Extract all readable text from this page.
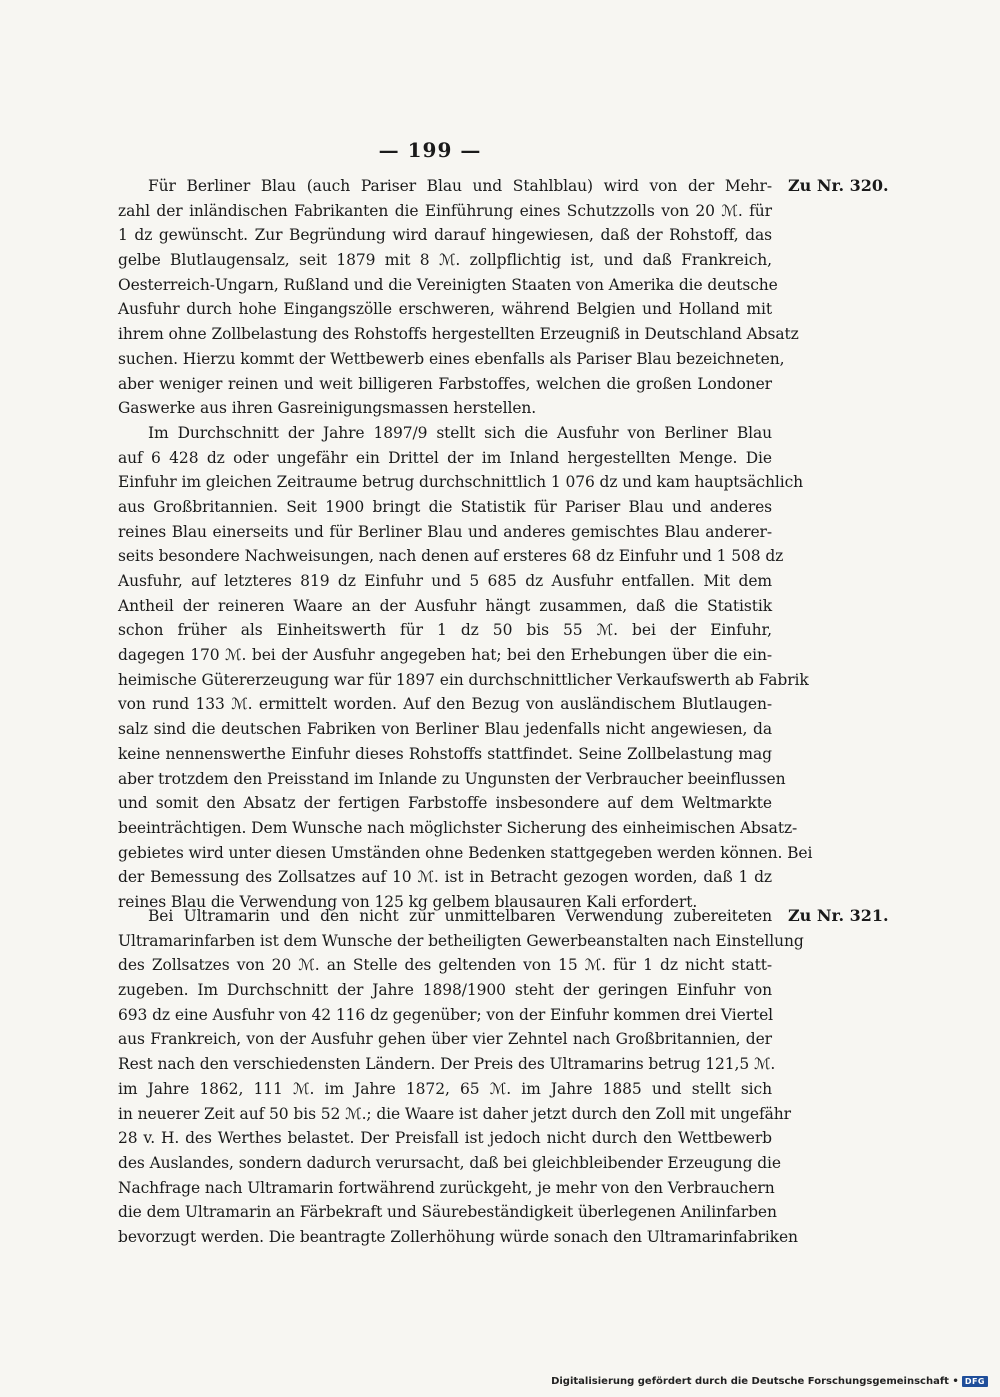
— 199 —
Zu Nr. 320.
Zu Nr. 321.
Für Berliner Blau (auch Pariser Blau und Stahlblau) wird von der Mehr-
zahl der inländischen Fabrikanten die Einführung eines Schutzzolls von 20 ℳ. für
1 dz gewünscht. Zur Begründung wird darauf hingewiesen, daß der Rohstoff, das
gelbe Blutlaugensalz, seit 1879 mit 8 ℳ. zollpflichtig ist, und daß Frankreich,
Oesterreich-Ungarn, Rußland und die Vereinigten Staaten von Amerika die deutsche
Ausfuhr durch hohe Eingangszölle erschweren, während Belgien und Holland mit
ihrem ohne Zollbelastung des Rohstoffs hergestellten Erzeugniß in Deutschland Absatz
suchen. Hierzu kommt der Wettbewerb eines ebenfalls als Pariser Blau bezeichneten,
aber weniger reinen und weit billigeren Farbstoffes, welchen die großen Londoner
Gaswerke aus ihren Gasreinigungsmassen herstellen.
Im Durchschnitt der Jahre 1897/9 stellt sich die Ausfuhr von Berliner Blau
auf 6 428 dz oder ungefähr ein Drittel der im Inland hergestellten Menge. Die
Einfuhr im gleichen Zeitraume betrug durchschnittlich 1 076 dz und kam hauptsächlich
aus Großbritannien. Seit 1900 bringt die Statistik für Pariser Blau und anderes
reines Blau einerseits und für Berliner Blau und anderes gemischtes Blau anderer-
seits besondere Nachweisungen, nach denen auf ersteres 68 dz Einfuhr und 1 508 dz
Ausfuhr, auf letzteres 819 dz Einfuhr und 5 685 dz Ausfuhr entfallen. Mit dem
Antheil der reineren Waare an der Ausfuhr hängt zusammen, daß die Statistik
schon früher als Einheitswerth für 1 dz 50 bis 55 ℳ. bei der Einfuhr,
dagegen 170 ℳ. bei der Ausfuhr angegeben hat; bei den Erhebungen über die ein-
heimische Gütererzeugung war für 1897 ein durchschnittlicher Verkaufswerth ab Fabrik
von rund 133 ℳ. ermittelt worden. Auf den Bezug von ausländischem Blutlaugen-
salz sind die deutschen Fabriken von Berliner Blau jedenfalls nicht angewiesen, da
keine nennenswerthe Einfuhr dieses Rohstoffs stattfindet. Seine Zollbelastung mag
aber trotzdem den Preisstand im Inlande zu Ungunsten der Verbraucher beeinflussen
und somit den Absatz der fertigen Farbstoffe insbesondere auf dem Weltmarkte
beeinträchtigen. Dem Wunsche nach möglichster Sicherung des einheimischen Absatz-
gebietes wird unter diesen Umständen ohne Bedenken stattgegeben werden können. Bei
der Bemessung des Zollsatzes auf 10 ℳ. ist in Betracht gezogen worden, daß 1 dz
reines Blau die Verwendung von 125 kg gelbem blausauren Kali erfordert.
Bei Ultramarin und den nicht zur unmittelbaren Verwendung zubereiteten
Ultramarinfarben ist dem Wunsche der betheiligten Gewerbeanstalten nach Einstellung
des Zollsatzes von 20 ℳ. an Stelle des geltenden von 15 ℳ. für 1 dz nicht statt-
zugeben. Im Durchschnitt der Jahre 1898/1900 steht der geringen Einfuhr von
693 dz eine Ausfuhr von 42 116 dz gegenüber; von der Einfuhr kommen drei Viertel
aus Frankreich, von der Ausfuhr gehen über vier Zehntel nach Großbritannien, der
Rest nach den verschiedensten Ländern. Der Preis des Ultramarins betrug 121,5 ℳ.
im Jahre 1862, 111 ℳ. im Jahre 1872, 65 ℳ. im Jahre 1885 und stellt sich
in neuerer Zeit auf 50 bis 52 ℳ.; die Waare ist daher jetzt durch den Zoll mit ungefähr
28 v. H. des Werthes belastet. Der Preisfall ist jedoch nicht durch den Wettbewerb
des Auslandes, sondern dadurch verursacht, daß bei gleichbleibender Erzeugung die
Nachfrage nach Ultramarin fortwährend zurückgeht, je mehr von den Verbrauchern
die dem Ultramarin an Färbekraft und Säurebeständigkeit überlegenen Anilinfarben
bevorzugt werden. Die beantragte Zollerhöhung würde sonach den Ultramarinfabriken
Digitalisierung gefördert durch die Deutsche Forschungsgemeinschaft • DFG
